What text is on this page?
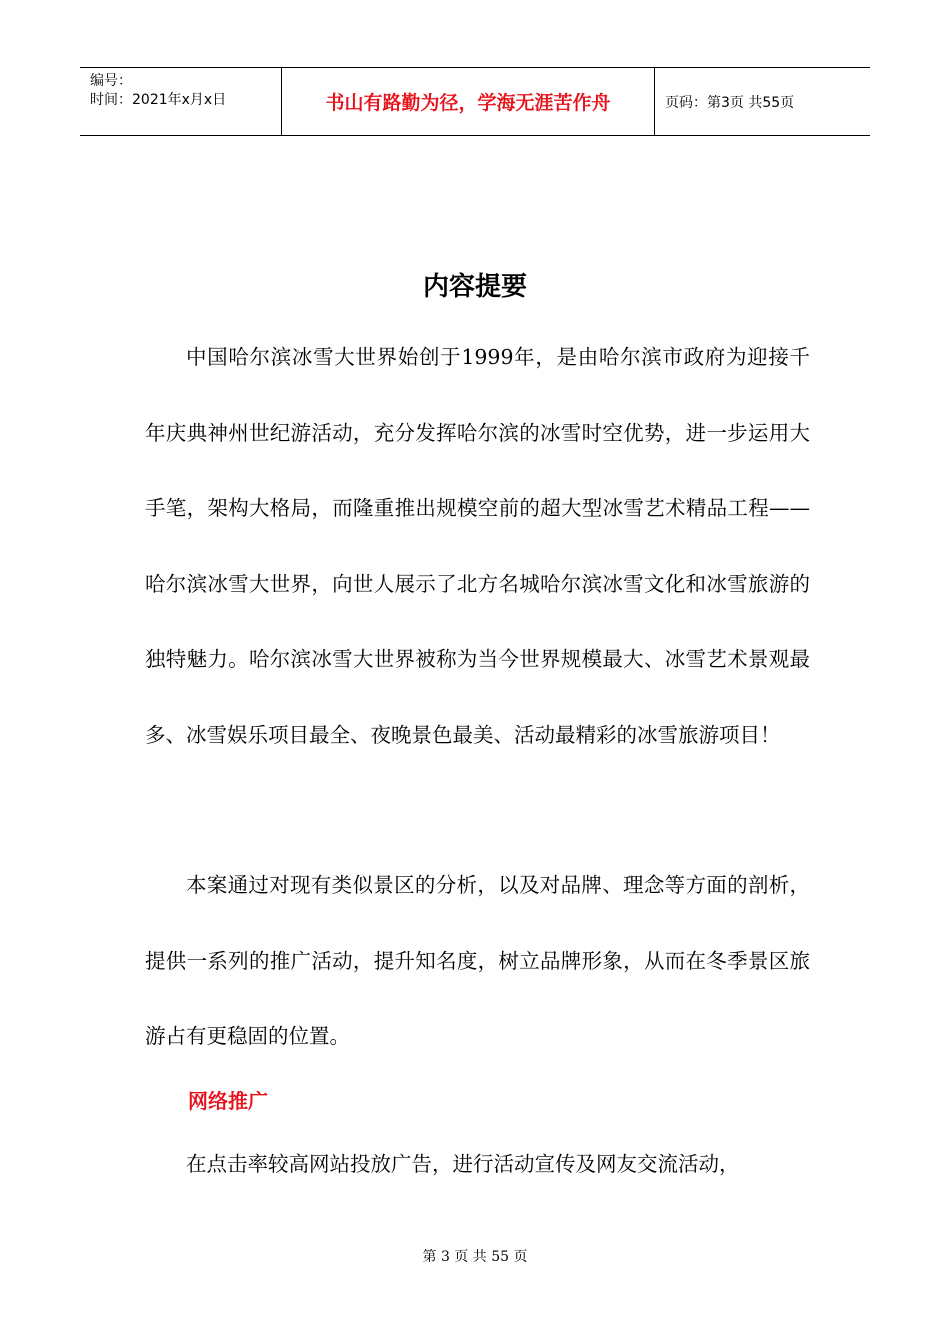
编号：
时间：2021年x月x日	书山有路勤为径，学海无涯苦作舟	页码：第3页 共55页
内容提要

中国哈尔滨冰雪大世界始创于1999年，是由哈尔滨市政府为迎接千年庆典神州世纪游活动，充分发挥哈尔滨的冰雪时空优势，进一步运用大手笔，架构大格局，而隆重推出规模空前的超大型冰雪艺术精品工程——哈尔滨冰雪大世界，向世人展示了北方名城哈尔滨冰雪文化和冰雪旅游的独特魅力。哈尔滨冰雪大世界被称为当今世界规模最大、冰雪艺术景观最多、冰雪娱乐项目最全、夜晚景色最美、活动最精彩的冰雪旅游项目！

本案通过对现有类似景区的分析，以及对品牌、理念等方面的剖析，提供一系列的推广活动，提升知名度，树立品牌形象，从而在冬季景区旅游占有更稳固的位置。

网络推广

在点击率较高网站投放广告，进行活动宣传及网友交流活动，

第 3 页 共 55 页
